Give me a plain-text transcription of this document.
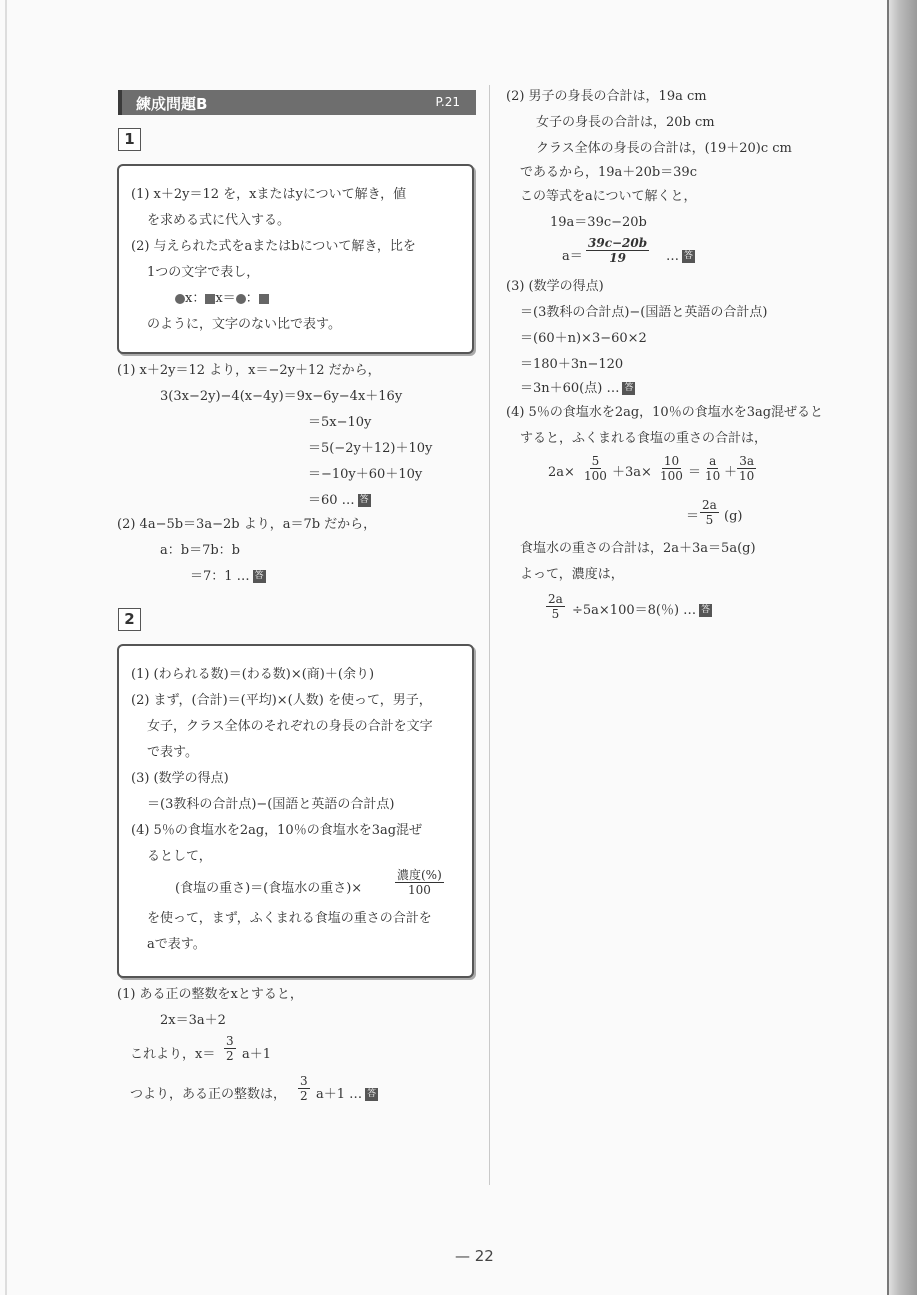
練成問題B	P.21
1
(1) x＋2y＝12 を，xまたはyについて解き，値
を求める式に代入する。
(2) 与えられた式をaまたはbについて解き，比を
1つの文字で表し，
x： x＝ ：
のように，文字のない比で表す。
(1) x＋2y＝12 より，x＝−2y＋12 だから，
3(3x−2y)−4(x−4y)＝9x−6y−4x＋16y
＝5x−10y
＝5(−2y＋12)＋10y
＝−10y＋60＋10y
＝60 … 答
(2) 4a−5b＝3a−2b より，a＝7b だから，
a：b＝7b：b
＝7：1 … 答
2
(1) (わられる数)＝(わる数)×(商)＋(余り)
(2) まず，(合計)＝(平均)×(人数) を使って，男子，
女子，クラス全体のそれぞれの身長の合計を文字
で表す。
(3) (数学の得点)
＝(3教科の合計点)−(国語と英語の合計点)
(4) 5％の食塩水を2ag，10％の食塩水を3ag混ぜ
るとして，
(食塩の重さ)＝(食塩水の重さ)×
濃度(%)
100
を使って，まず，ふくまれる食塩の重さの合計を
aで表す。
(1) ある正の整数をxとすると，
2x＝3a＋2
これより，$x= \frac{3}{2} a+1$
つより，ある正の整数は， $\frac{3}{2} a+1$ … 答
(2) 男子の身長の合計は，19a cm
女子の身長の合計は，20b cm
クラス全体の身長の合計は，(19＋20)c cm
であるから，19a＋20b＝39c
この等式をaについて解くと，
19a＝39c−20b
$a= \frac{39c-20b}{19}$ … 答
(3) (数学の得点)
＝(3教科の合計点)−(国語と英語の合計点)
＝(60＋n)×3−60×2
＝180＋3n−120
＝3n＋60(点) … 答
(4) 5％の食塩水を2ag，10％の食塩水を3ag混ぜると
すると，ふくまれる食塩の重さの合計は，
$2a\times \frac{5}{100} +3a\times \frac{10}{100} = \frac{a}{10} + \frac{3a}{10}$
＝ $\frac{2a}{5} (g)$
食塩水の重さの合計は，2a＋3a＝5a(g)
よって，濃度は，
$\frac{2a}{5} \div 5a\times 100=8$(％) … 答
— 22
